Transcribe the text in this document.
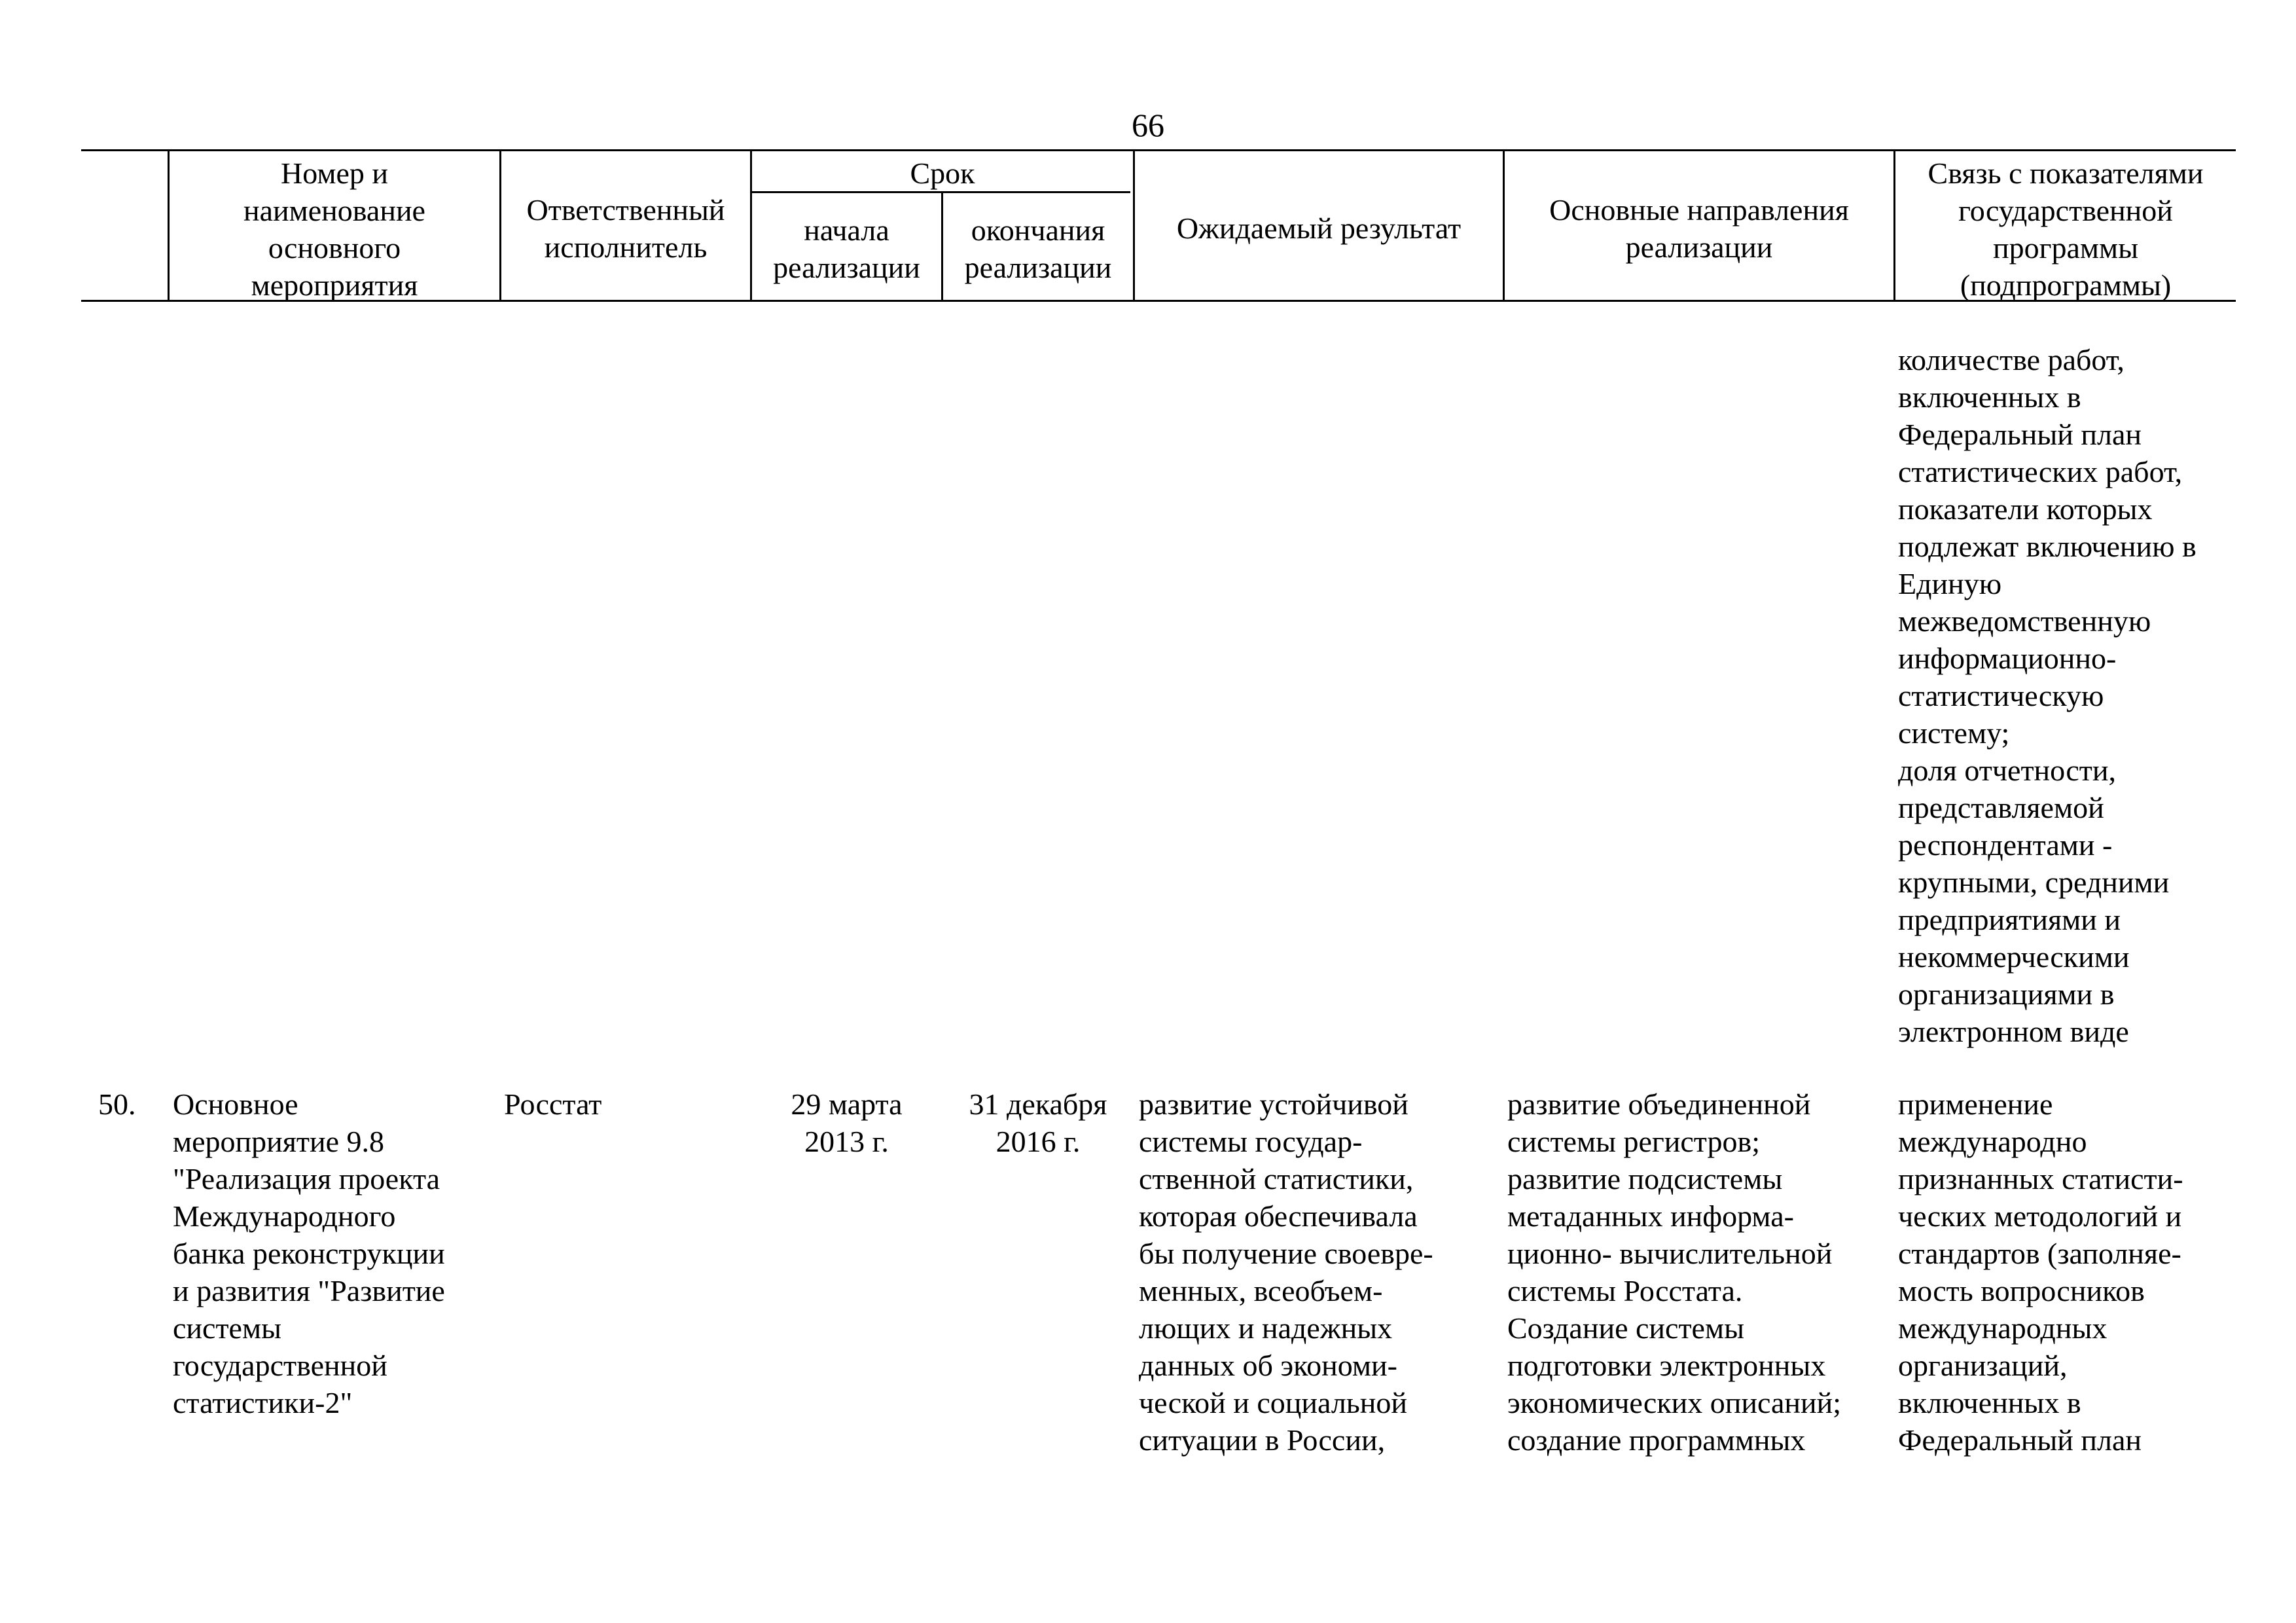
66
Номер и
наименование
основного
мероприятия
Ответственный
исполнитель
Срок
начала
реализации
окончания
реализации
Ожидаемый результат
Основные направления
реализации
Связь с показателями
государственной
программы
(подпрограммы)
количестве работ,
включенных в
Федеральный план
статистических работ,
показатели которых
подлежат включению в
Единую
межведомственную
информационно-
статистическую
систему;
доля отчетности,
представляемой
респондентами -
крупными, средними
предприятиями и
некоммерческими
организациями в
электронном виде
50. Основное
мероприятие 9.8
"Реализация проекта
Международного
банка реконструкции
и развития "Развитие
системы
государственной
статистики-2"
Росстат	29 марта
2013 г.
31 декабря
2016 г.
развитие устойчивой
системы государ-
ственной статистики,
которая обеспечивала
бы получение своевре-
менных, всеобъем-
лющих и надежных
данных об экономи-
ческой и социальной
ситуации в России,
развитие объединенной
системы регистров;
развитие подсистемы
метаданных информа-
ционно- вычислительной
системы Росстата.
Создание системы
подготовки электронных
экономических описаний;
создание программных
применение
международно
признанных статисти-
ческих методологий и
стандартов (заполняе-
мость вопросников
международных
организаций,
включенных в
Федеральный план
